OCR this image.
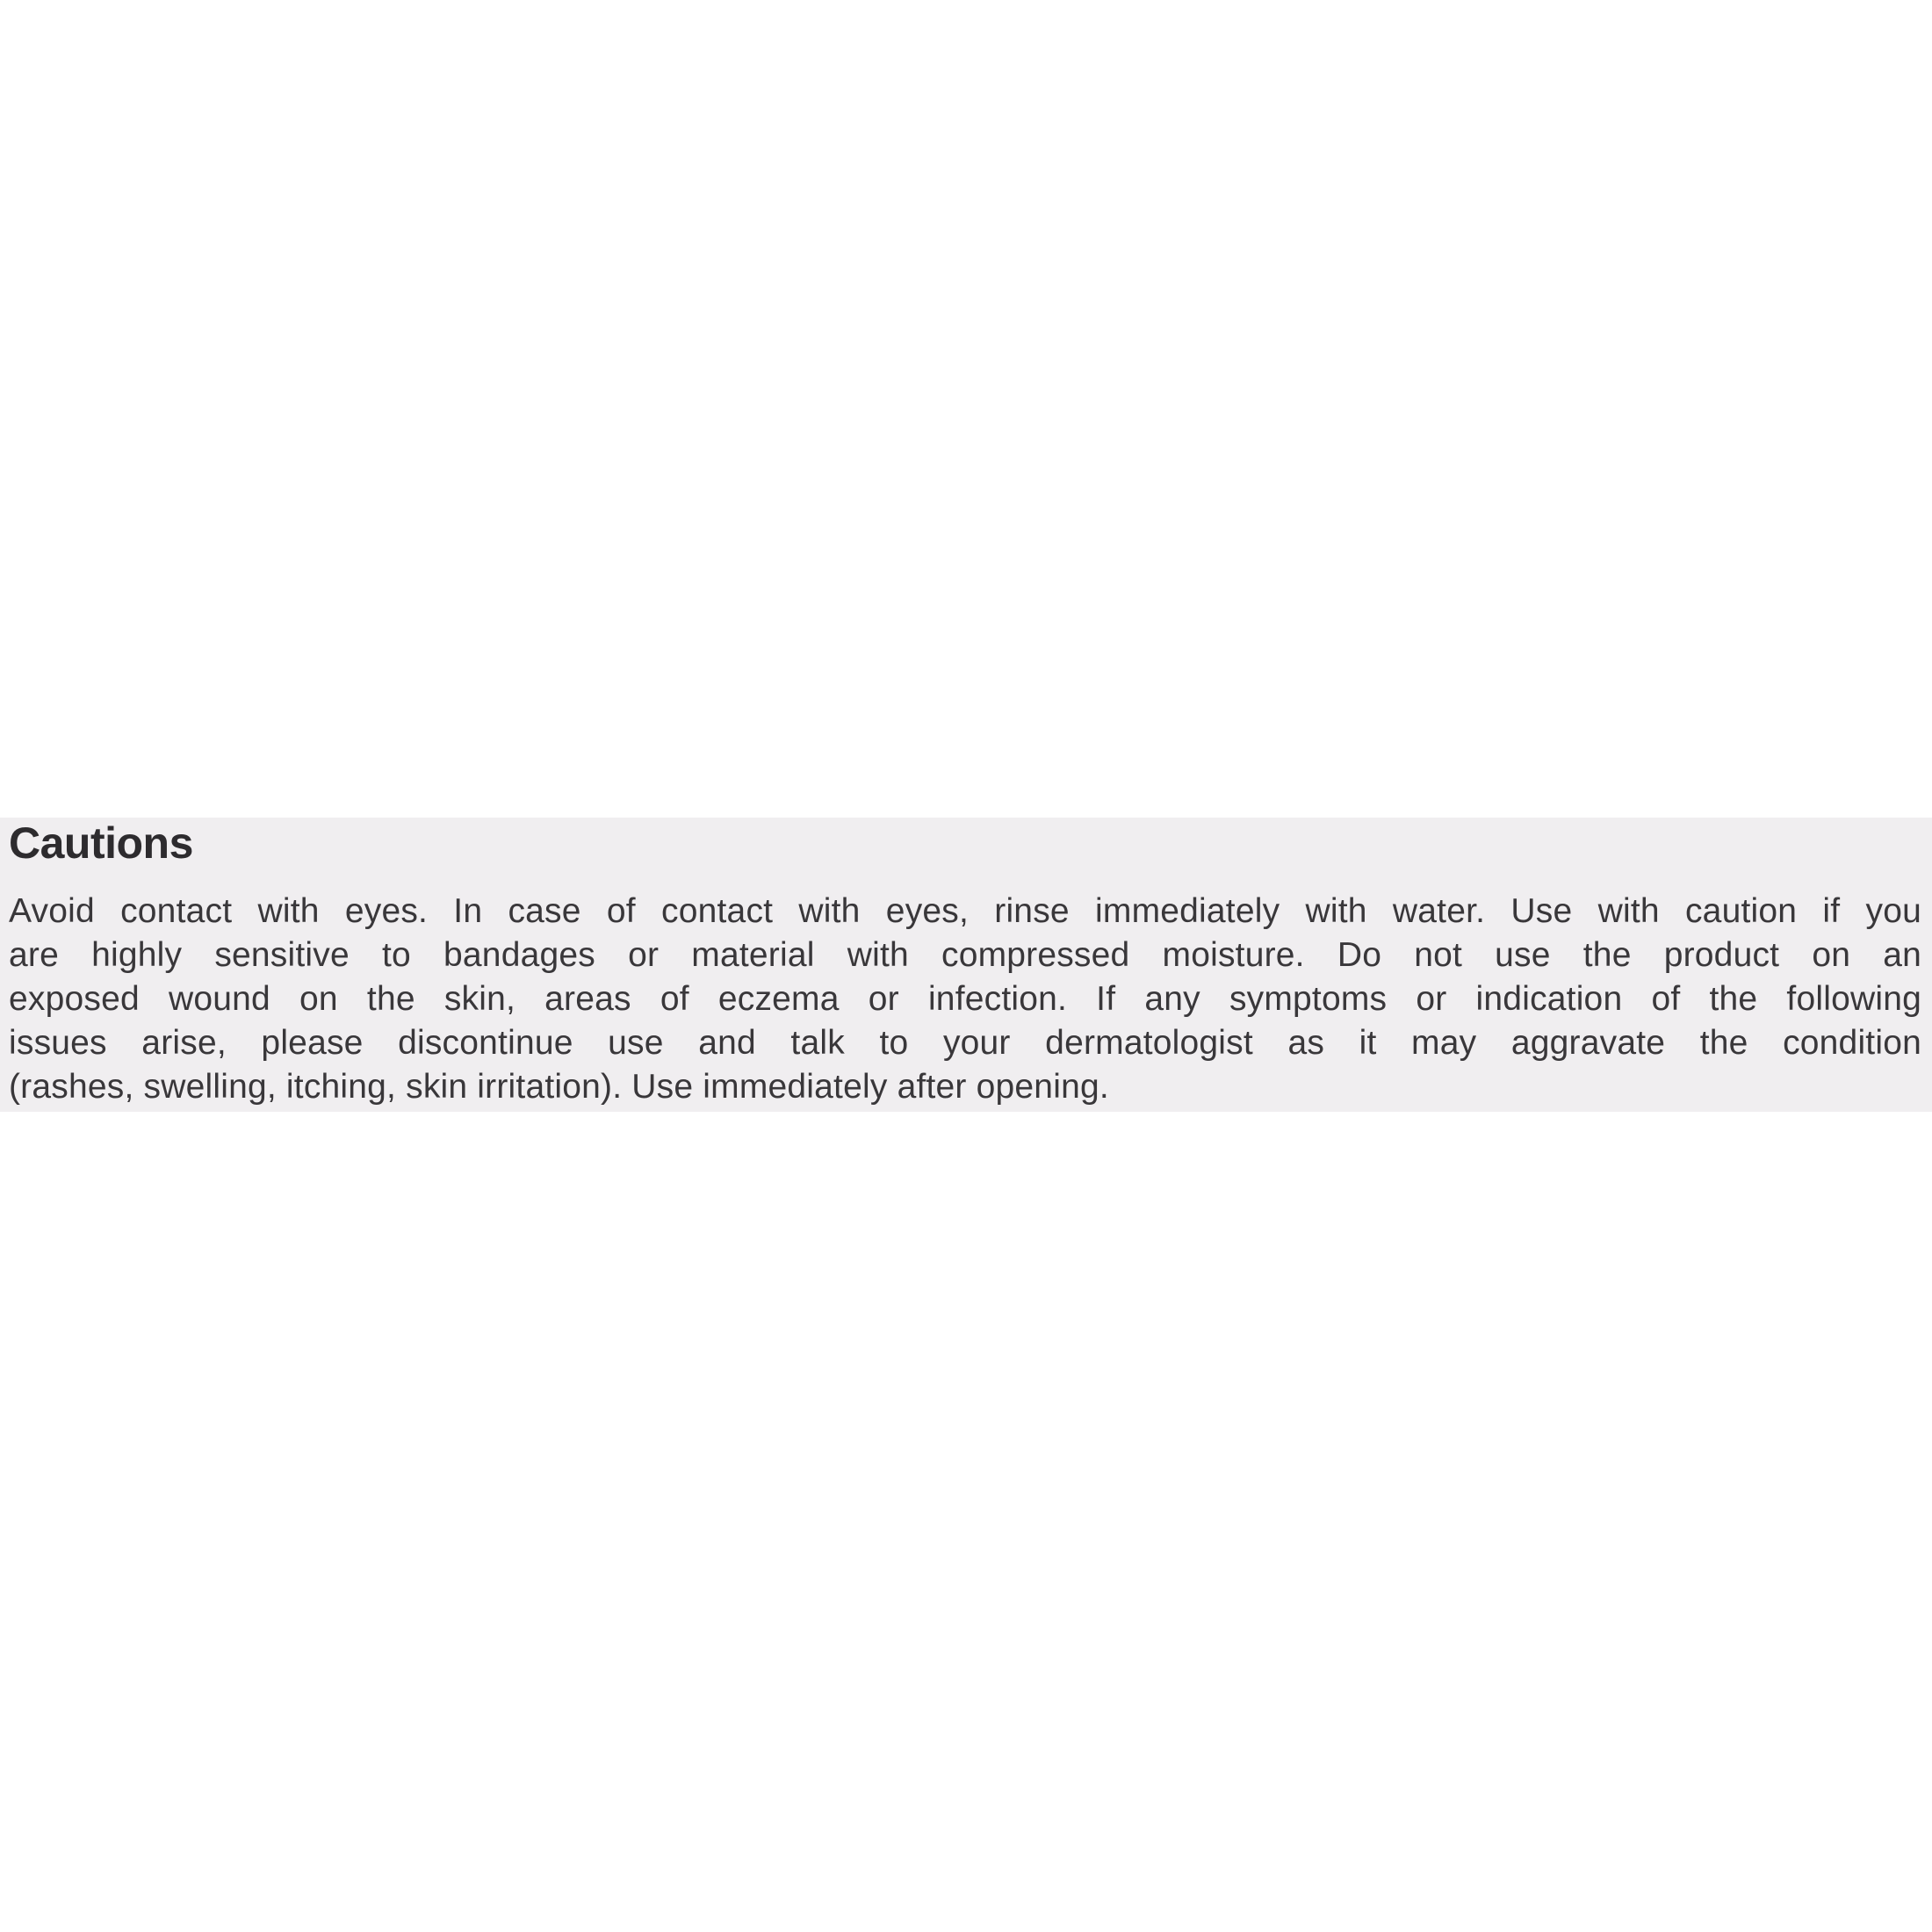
Cautions
Avoid contact with eyes. In case of contact with eyes, rinse immediately with water. Use with caution if you
are highly sensitive to bandages or material with compressed moisture. Do not use the product on an
exposed wound on the skin, areas of eczema or infection. If any symptoms or indication of the following
issues arise, please discontinue use and talk to your dermatologist as it may aggravate the condition
(rashes, swelling, itching, skin irritation). Use immediately after opening.
